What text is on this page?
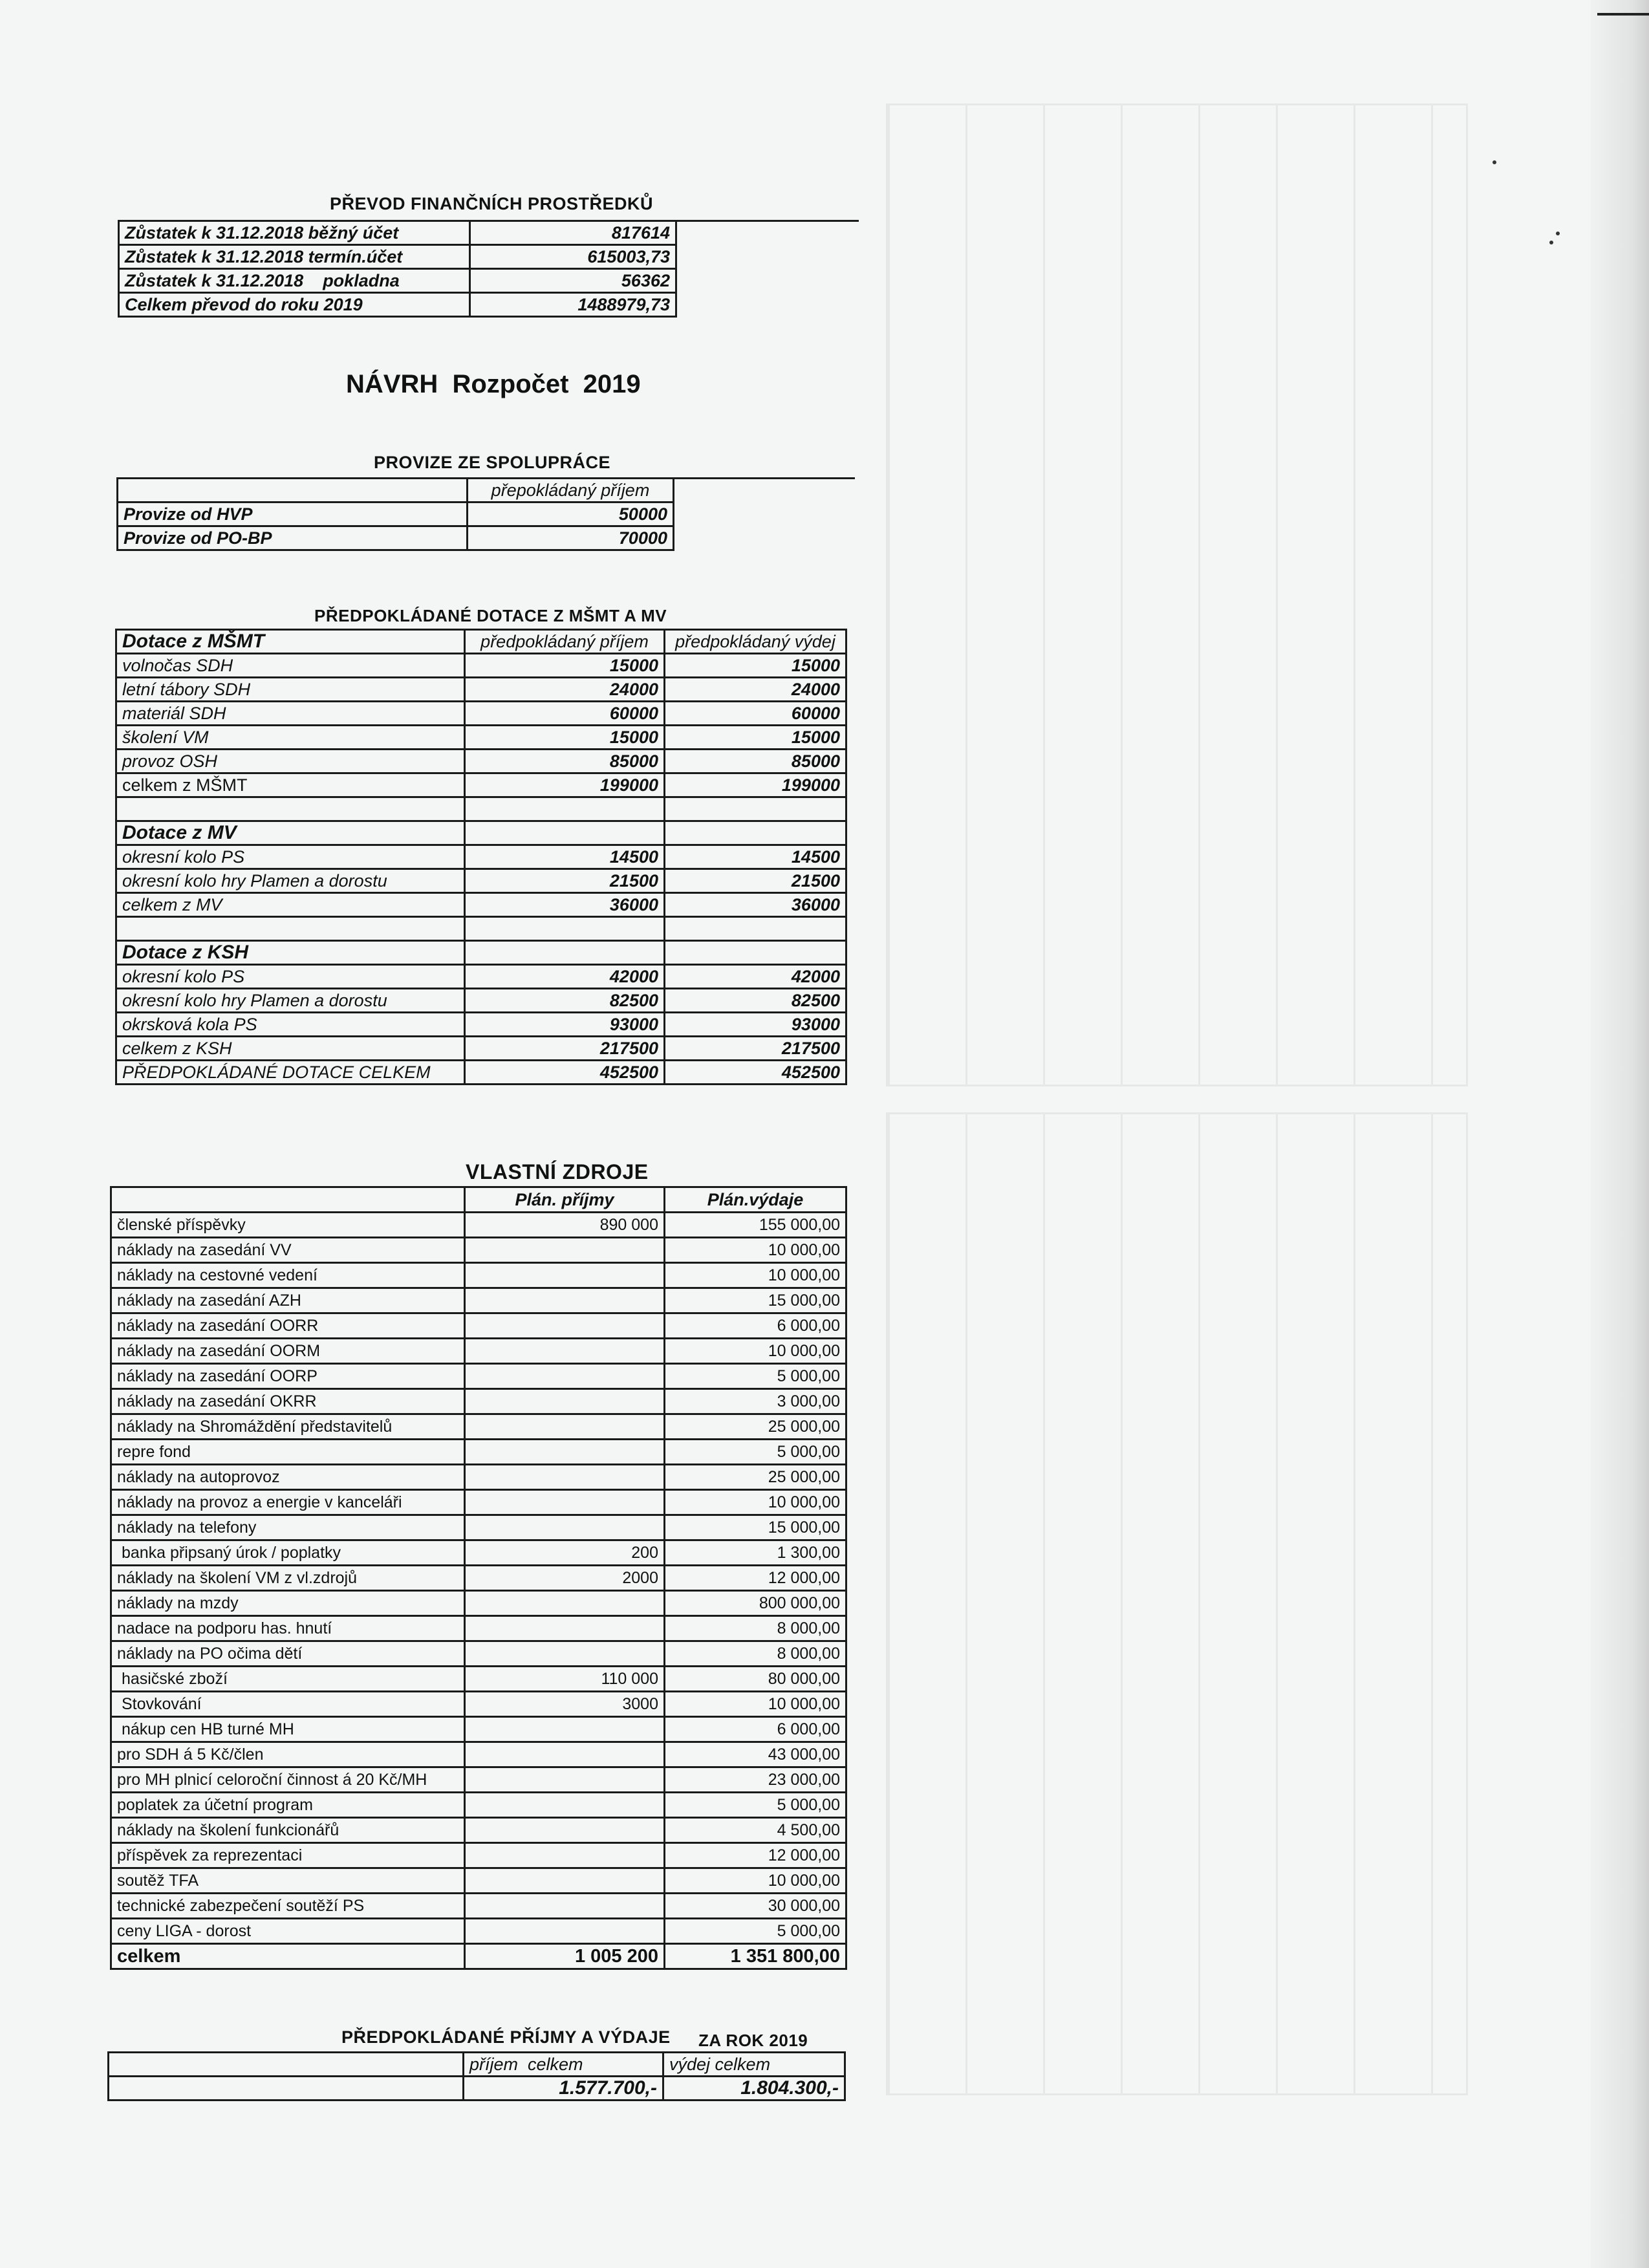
PŘEVOD FINANČNÍCH PROSTŘEDKŮ
Zůstatek k 31.12.2018 běžný účet	817614
Zůstatek k 31.12.2018 termín.účet	615003,73
Zůstatek k 31.12.2018    pokladna	56362
Celkem převod do roku 2019	1488979,73
NÁVRH  Rozpočet  2019
PROVIZE ZE SPOLUPRÁCE
	přepokládaný příjem
Provize od HVP	50000
Provize od PO-BP	70000
PŘEDPOKLÁDANÉ DOTACE Z MŠMT A MV
Dotace z MŠMT	předpokládaný příjem	předpokládaný výdej
volnočas SDH	15000	15000
letní tábory SDH	24000	24000
materiál SDH	60000	60000
školení VM	15000	15000
provoz OSH	85000	85000
celkem z MŠMT	199000	199000

Dotace z MV		
okresní kolo PS	14500	14500
okresní kolo hry Plamen a dorostu	21500	21500
celkem z MV	36000	36000

Dotace z KSH		
okresní kolo PS	42000	42000
okresní kolo hry Plamen a dorostu	82500	82500
okrsková kola PS	93000	93000
celkem z KSH	217500	217500
PŘEDPOKLÁDANÉ DOTACE CELKEM	452500	452500
VLASTNÍ ZDROJE
	Plán. příjmy	Plán.výdaje
členské příspěvky	890 000	155 000,00
náklady na zasedání VV		10 000,00
náklady na cestovné vedení		10 000,00
náklady na zasedání AZH		15 000,00
náklady na zasedání OORR		6 000,00
náklady na zasedání OORM		10 000,00
náklady na zasedání OORP		5 000,00
náklady na zasedání OKRR		3 000,00
náklady na Shromáždění představitelů		25 000,00
repre fond		5 000,00
náklady na autoprovoz		25 000,00
náklady na provoz a energie v kanceláři		10 000,00
náklady na telefony		15 000,00
banka připsaný úrok / poplatky	200	1 300,00
náklady na školení VM z vl.zdrojů	2000	12 000,00
náklady na mzdy		800 000,00
nadace na podporu has. hnutí		8 000,00
náklady na PO očima dětí		8 000,00
hasičské zboží	110 000	80 000,00
Stovkování	3000	10 000,00
nákup cen HB turné MH		6 000,00
pro SDH á 5 Kč/člen		43 000,00
pro MH plnicí celoroční činnost á 20 Kč/MH		23 000,00
poplatek za účetní program		5 000,00
náklady na školení funkcionářů		4 500,00
příspěvek za reprezentaci		12 000,00
soutěž TFA		10 000,00
technické zabezpečení soutěží PS		30 000,00
ceny LIGA - dorost		5 000,00
celkem	1 005 200	1 351 800,00
PŘEDPOKLÁDANÉ PŘÍJMY A VÝDAJE ZA ROK 2019
	příjem  celkem	výdej celkem
	1.577.700,-	1.804.300,-
